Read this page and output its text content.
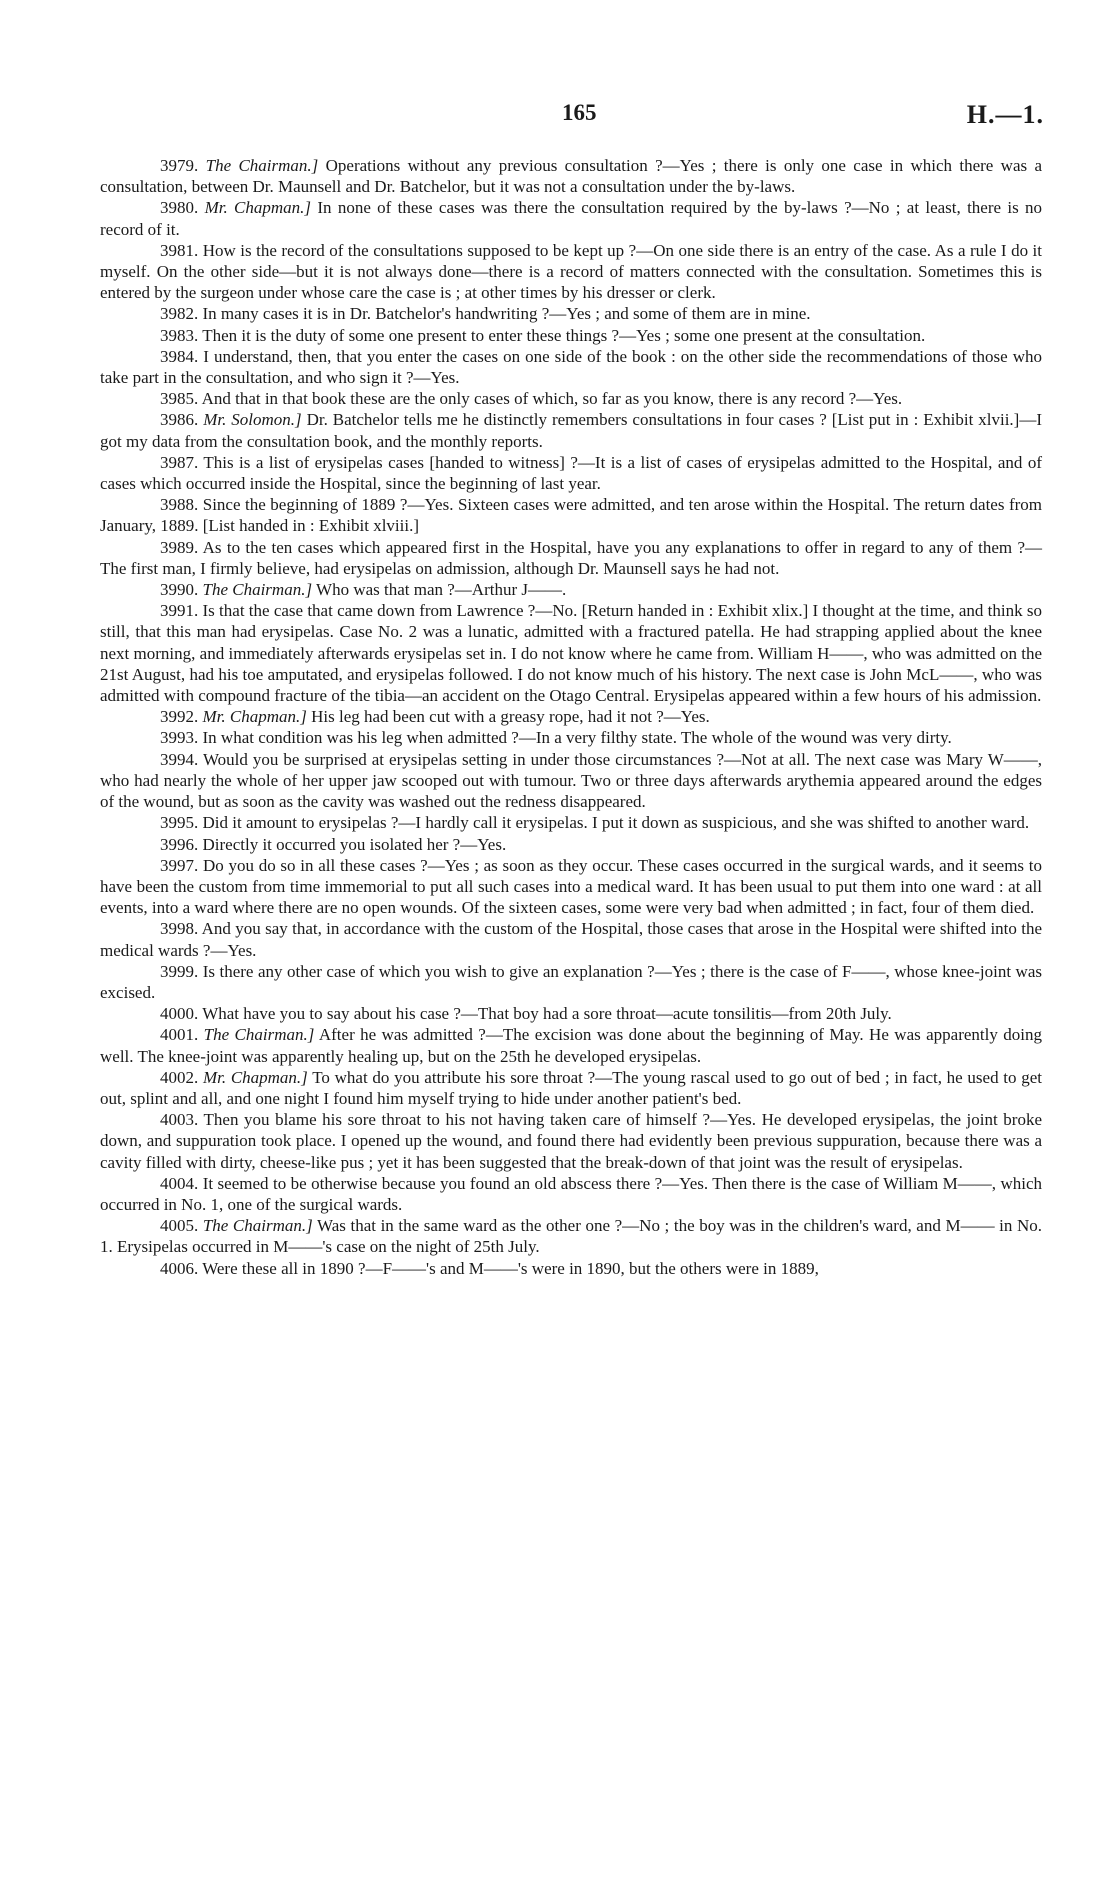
165	H.—1.

3979. The Chairman.] Operations without any previous consultation ?—Yes ; there is only one case in which there was a consultation, between Dr. Maunsell and Dr. Batchelor, but it was not a consultation under the by-laws.

3980. Mr. Chapman.] In none of these cases was there the consultation required by the by-laws ?—No ; at least, there is no record of it.

3981. How is the record of the consultations supposed to be kept up ?—On one side there is an entry of the case. As a rule I do it myself. On the other side—but it is not always done—there is a record of matters connected with the consultation. Sometimes this is entered by the surgeon under whose care the case is ; at other times by his dresser or clerk.

3982. In many cases it is in Dr. Batchelor's handwriting ?—Yes ; and some of them are in mine.

3983. Then it is the duty of some one present to enter these things ?—Yes ; some one present at the consultation.

3984. I understand, then, that you enter the cases on one side of the book : on the other side the recommendations of those who take part in the consultation, and who sign it ?—Yes.

3985. And that in that book these are the only cases of which, so far as you know, there is any record ?—Yes.

3986. Mr. Solomon.] Dr. Batchelor tells me he distinctly remembers consultations in four cases ? [List put in : Exhibit xlvii.]—I got my data from the consultation book, and the monthly reports.

3987. This is a list of erysipelas cases [handed to witness] ?—It is a list of cases of erysipelas admitted to the Hospital, and of cases which occurred inside the Hospital, since the beginning of last year.

3988. Since the beginning of 1889 ?—Yes. Sixteen cases were admitted, and ten arose within the Hospital. The return dates from January, 1889. [List handed in : Exhibit xlviii.]

3989. As to the ten cases which appeared first in the Hospital, have you any explanations to offer in regard to any of them ?—The first man, I firmly believe, had erysipelas on admission, although Dr. Maunsell says he had not.

3990. The Chairman.] Who was that man ?—Arthur J——.

3991. Is that the case that came down from Lawrence ?—No. [Return handed in : Exhibit xlix.] I thought at the time, and think so still, that this man had erysipelas. Case No. 2 was a lunatic, admitted with a fractured patella. He had strapping applied about the knee next morning, and immediately afterwards erysipelas set in. I do not know where he came from. William H——, who was admitted on the 21st August, had his toe amputated, and erysipelas followed. I do not know much of his history. The next case is John McL——, who was admitted with compound fracture of the tibia—an accident on the Otago Central. Erysipelas appeared within a few hours of his admission.

3992. Mr. Chapman.] His leg had been cut with a greasy rope, had it not ?—Yes.

3993. In what condition was his leg when admitted ?—In a very filthy state. The whole of the wound was very dirty.

3994. Would you be surprised at erysipelas setting in under those circumstances ?—Not at all. The next case was Mary W——, who had nearly the whole of her upper jaw scooped out with tumour. Two or three days afterwards arythemia appeared around the edges of the wound, but as soon as the cavity was washed out the redness disappeared.

3995. Did it amount to erysipelas ?—I hardly call it erysipelas. I put it down as suspicious, and she was shifted to another ward.

3996. Directly it occurred you isolated her ?—Yes.

3997. Do you do so in all these cases ?—Yes ; as soon as they occur. These cases occurred in the surgical wards, and it seems to have been the custom from time immemorial to put all such cases into a medical ward. It has been usual to put them into one ward : at all events, into a ward where there are no open wounds. Of the sixteen cases, some were very bad when admitted ; in fact, four of them died.

3998. And you say that, in accordance with the custom of the Hospital, those cases that arose in the Hospital were shifted into the medical wards ?—Yes.

3999. Is there any other case of which you wish to give an explanation ?—Yes ; there is the case of F——, whose knee-joint was excised.

4000. What have you to say about his case ?—That boy had a sore throat—acute tonsilitis—from 20th July.

4001. The Chairman.] After he was admitted ?—The excision was done about the beginning of May. He was apparently doing well. The knee-joint was apparently healing up, but on the 25th he developed erysipelas.

4002. Mr. Chapman.] To what do you attribute his sore throat ?—The young rascal used to go out of bed ; in fact, he used to get out, splint and all, and one night I found him myself trying to hide under another patient's bed.

4003. Then you blame his sore throat to his not having taken care of himself ?—Yes. He developed erysipelas, the joint broke down, and suppuration took place. I opened up the wound, and found there had evidently been previous suppuration, because there was a cavity filled with dirty, cheese-like pus ; yet it has been suggested that the break-down of that joint was the result of erysipelas.

4004. It seemed to be otherwise because you found an old abscess there ?—Yes. Then there is the case of William M——, which occurred in No. 1, one of the surgical wards.

4005. The Chairman.] Was that in the same ward as the other one ?—No ; the boy was in the children's ward, and M—— in No. 1. Erysipelas occurred in M——'s case on the night of 25th July.

4006. Were these all in 1890 ?—F——'s and M——'s were in 1890, but the others were in 1889,
